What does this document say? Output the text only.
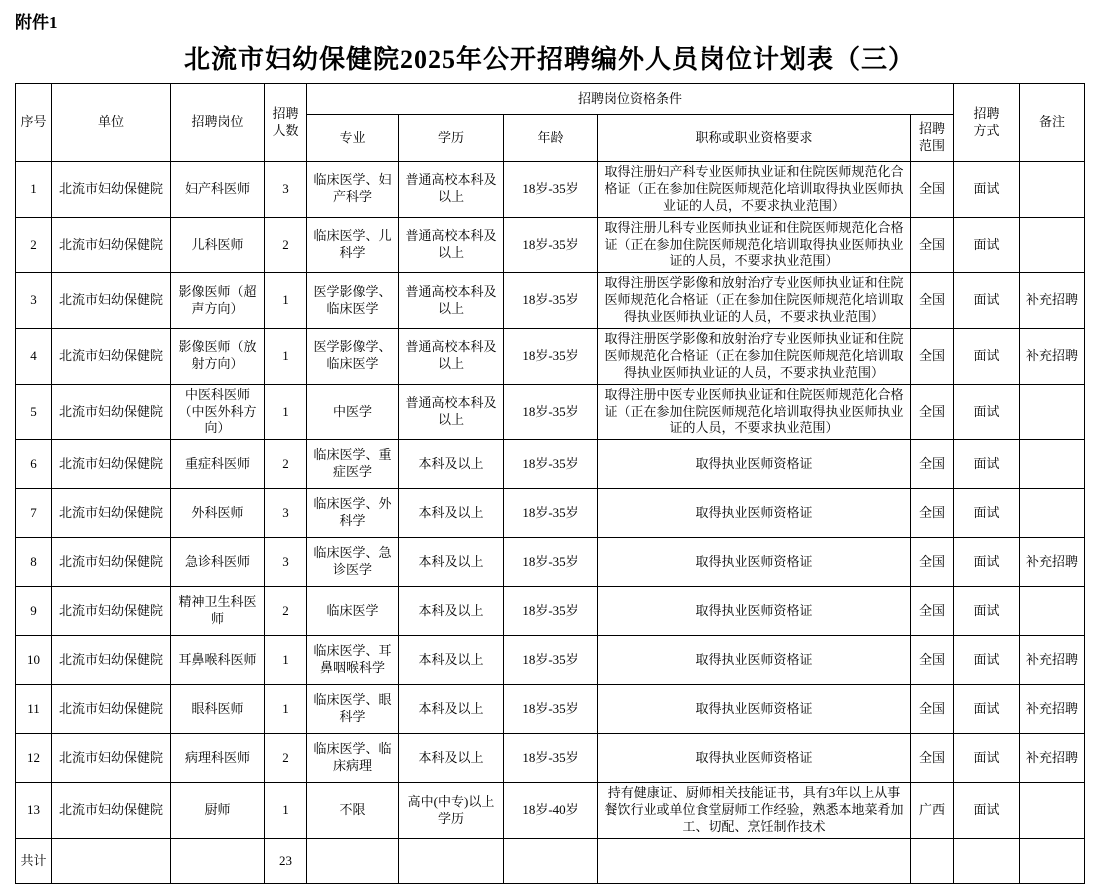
附件1
北流市妇幼保健院2025年公开招聘编外人员岗位计划表（三）
序号	单位	招聘岗位	招聘人数	招聘岗位资格条件					招聘方式	备注
				专业	学历	年龄	职称或职业资格要求	招聘范围		
1	北流市妇幼保健院	妇产科医师	3	临床医学、妇产科学	普通高校本科及以上	18岁-35岁	取得注册妇产科专业医师执业证和住院医师规范化合格证（正在参加住院医师规范化培训取得执业医师执业证的人员，不要求执业范围）	全国	面试	
2	北流市妇幼保健院	儿科医师	2	临床医学、儿科学	普通高校本科及以上	18岁-35岁	取得注册儿科专业医师执业证和住院医师规范化合格证（正在参加住院医师规范化培训取得执业医师执业证的人员，不要求执业范围）	全国	面试	
3	北流市妇幼保健院	影像医师（超声方向）	1	医学影像学、临床医学	普通高校本科及以上	18岁-35岁	取得注册医学影像和放射治疗专业医师执业证和住院医师规范化合格证（正在参加住院医师规范化培训取得执业医师执业证的人员，不要求执业范围）	全国	面试	补充招聘
4	北流市妇幼保健院	影像医师（放射方向）	1	医学影像学、临床医学	普通高校本科及以上	18岁-35岁	取得注册医学影像和放射治疗专业医师执业证和住院医师规范化合格证（正在参加住院医师规范化培训取得执业医师执业证的人员，不要求执业范围）	全国	面试	补充招聘
5	北流市妇幼保健院	中医科医师（中医外科方向）	1	中医学	普通高校本科及以上	18岁-35岁	取得注册中医专业医师执业证和住院医师规范化合格证（正在参加住院医师规范化培训取得执业医师执业证的人员，不要求执业范围）	全国	面试	
6	北流市妇幼保健院	重症科医师	2	临床医学、重症医学	本科及以上	18岁-35岁	取得执业医师资格证	全国	面试	
7	北流市妇幼保健院	外科医师	3	临床医学、外科学	本科及以上	18岁-35岁	取得执业医师资格证	全国	面试	
8	北流市妇幼保健院	急诊科医师	3	临床医学、急诊医学	本科及以上	18岁-35岁	取得执业医师资格证	全国	面试	补充招聘
9	北流市妇幼保健院	精神卫生科医师	2	临床医学	本科及以上	18岁-35岁	取得执业医师资格证	全国	面试	
10	北流市妇幼保健院	耳鼻喉科医师	1	临床医学、耳鼻咽喉科学	本科及以上	18岁-35岁	取得执业医师资格证	全国	面试	补充招聘
11	北流市妇幼保健院	眼科医师	1	临床医学、眼科学	本科及以上	18岁-35岁	取得执业医师资格证	全国	面试	补充招聘
12	北流市妇幼保健院	病理科医师	2	临床医学、临床病理	本科及以上	18岁-35岁	取得执业医师资格证	全国	面试	补充招聘
13	北流市妇幼保健院	厨师	1	不限	高中(中专)以上学历	18岁-40岁	持有健康证、厨师相关技能证书，具有3年以上从事餐饮行业或单位食堂厨师工作经验，熟悉本地菜肴加工、切配、烹饪制作技术	广西	面试	
共计			23							
